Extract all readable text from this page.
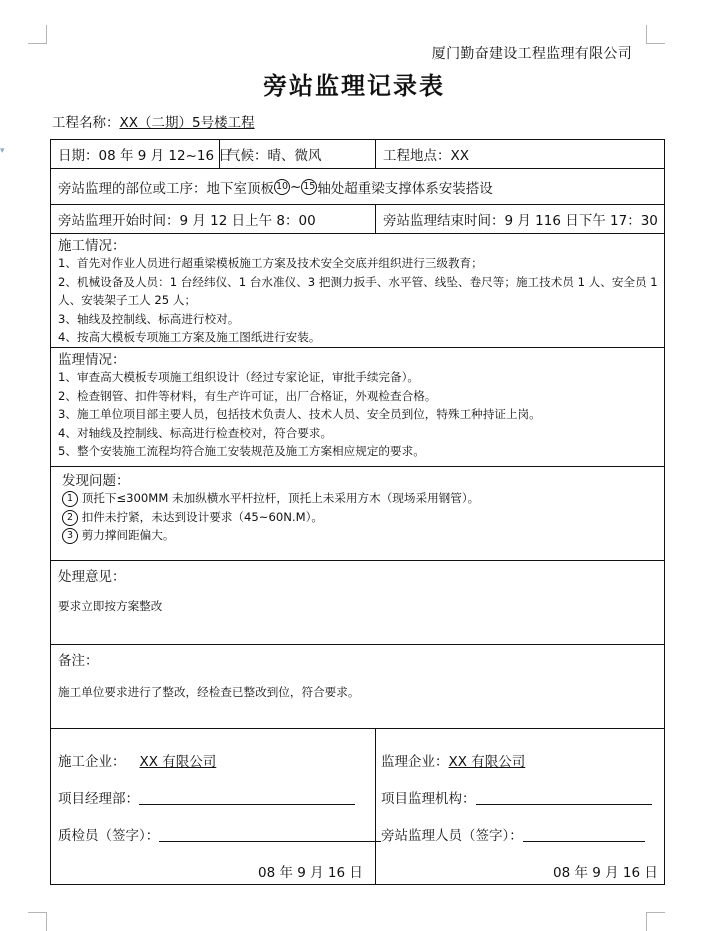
▾
厦门勤奋建设工程监理有限公司
旁站监理记录表
工程名称：XX（二期）5号楼工程
日期：08 年 9 月 12~16 日
气候：晴、微风	工程地点：XX
旁站监理的部位或工序：地下室顶板 10 ~ 15 轴处超重梁支撑体系安装搭设
旁站监理开始时间：9 月 12 日上午 8：00	旁站监理结束时间：9 月 116 日下午 17：30
施工情况：
1、首先对作业人员进行超重梁模板施工方案及技术安全交底并组织进行三级教育；
2、机械设备及人员：1 台经纬仪、1 台水准仪、3 把测力扳手、水平管、线坠、卷尺等；施工技术员 1 人、安全员 1 人、安装架子工人 25 人；
3、轴线及控制线、标高进行校对。
4、按高大模板专项施工方案及施工图纸进行安装。
监理情况：
1、审查高大模板专项施工组织设计（经过专家论证，审批手续完备）。
2、检查钢管、扣件等材料，有生产许可证，出厂合格证，外观检查合格。
3、施工单位项目部主要人员，包括技术负责人、技术人员、安全员到位，特殊工种持证上岗。
4、对轴线及控制线、标高进行检查校对，符合要求。
5、整个安装施工流程均符合施工安装规范及施工方案相应规定的要求。
发现问题：
1 顶托下≤300MM 未加纵横水平杆拉杆，顶托上未采用方木（现场采用钢管）。
2 扣件未拧紧，未达到设计要求（45~60N.M）。
3 剪力撑间距偏大。
处理意见：
要求立即按方案整改
备注：
施工单位要求进行了整改，经检查已整改到位，符合要求。
施工企业： XX 有限公司
项目经理部：
质检员（签字）：
08 年 9 月 16 日
监理企业：XX 有限公司
项目监理机构：
旁站监理人员（签字）：
08 年 9 月 16 日
